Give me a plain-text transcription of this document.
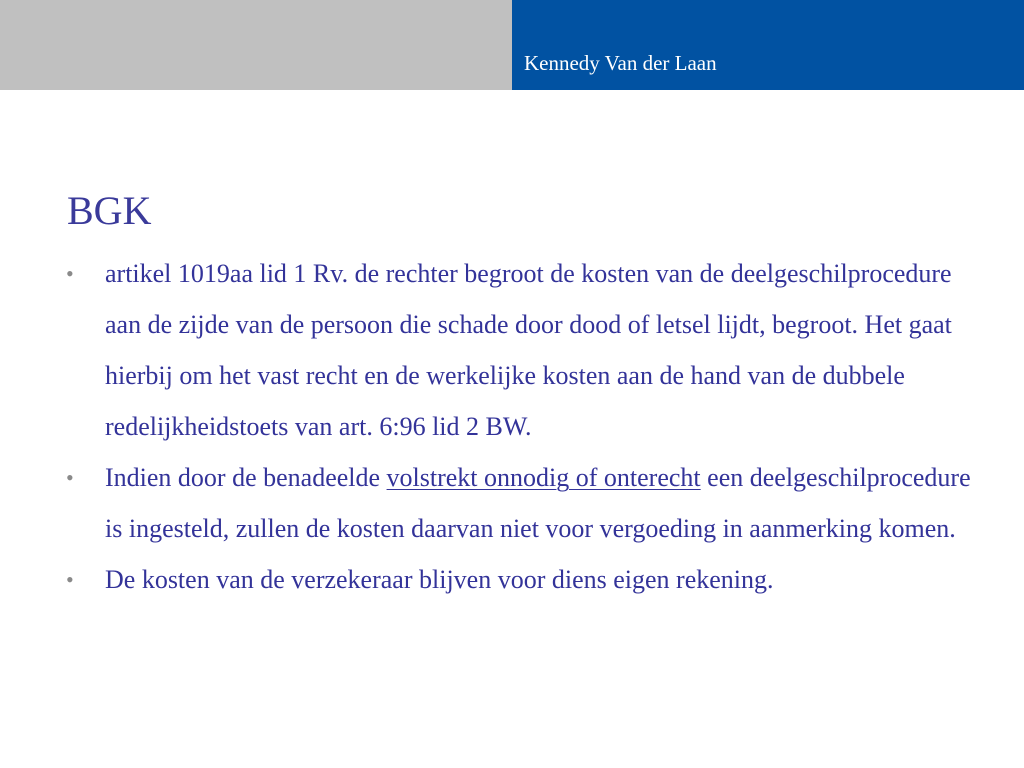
Kennedy Van der Laan
BGK
• artikel 1019aa lid 1 Rv. de rechter begroot de kosten van de deelgeschilprocedure aan de zijde van de persoon die schade door dood of letsel lijdt, begroot. Het gaat hierbij om het vast recht en de werkelijke kosten aan de hand van de dubbele redelijkheidstoets van art. 6:96 lid 2 BW.
• Indien door de benadeelde volstrekt onnodig of onterecht een deelgeschilprocedure is ingesteld, zullen de kosten daarvan niet voor vergoeding in aanmerking komen.
• De kosten van de verzekeraar blijven voor diens eigen rekening.
